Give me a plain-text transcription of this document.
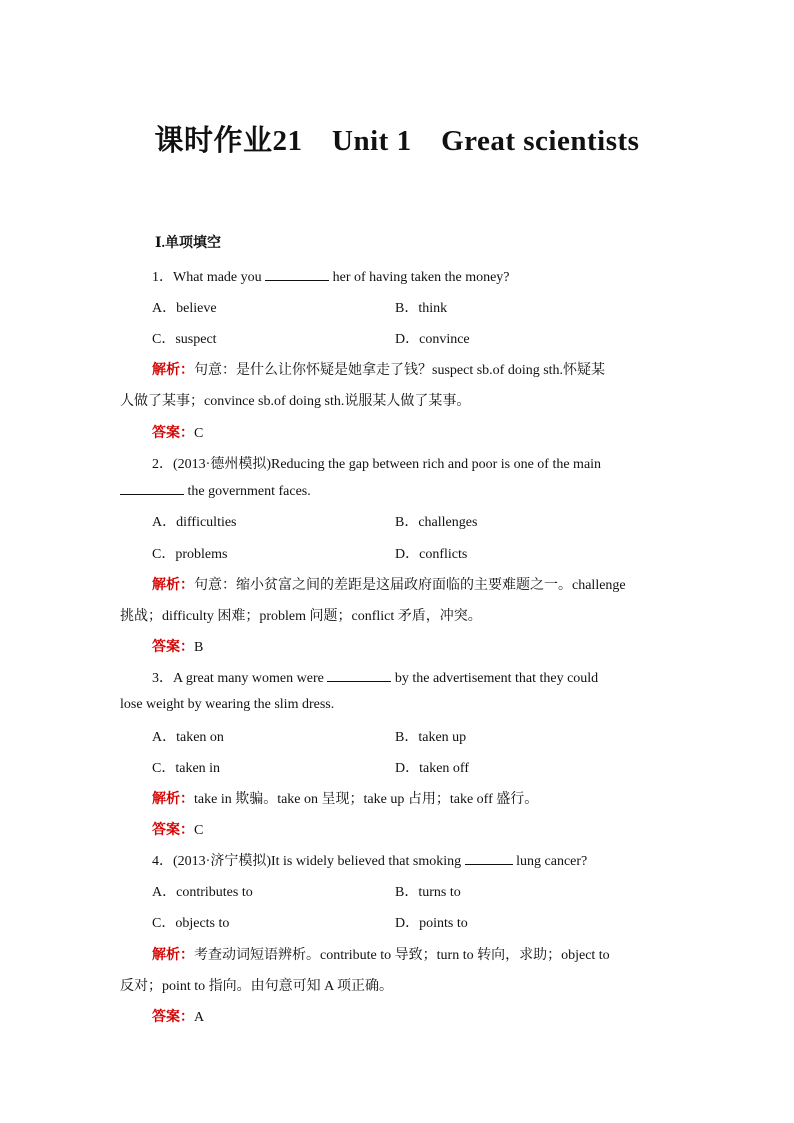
课时作业21　Unit 1　Great scientists
Ⅰ.单项填空
1．What made you	her of having taken the money?
A．believe	B．think
C．suspect	D．convince
解析：句意：是什么让你怀疑是她拿走了钱？suspect sb.of doing sth.怀疑某
人做了某事；convince sb.of doing sth.说服某人做了某事。
答案：C
2．(2013·德州模拟)Reducing the gap between rich and poor is one of the main
the government faces.
A．difficulties	B．challenges
C．problems	D．conflicts
解析：句意：缩小贫富之间的差距是这届政府面临的主要难题之一。challenge
挑战；difficulty 困难；problem 问题；conflict 矛盾，冲突。
答案：B
3．A great many women were	by the advertisement that they could
lose weight by wearing the slim dress.
A．taken on	B．taken up
C．taken in	D．taken off
解析：take in 欺骗。take on 呈现；take up 占用；take off 盛行。
答案：C
4．(2013·济宁模拟)It is widely believed that smoking	lung cancer?
A．contributes to	B．turns to
C．objects to	D．points to
解析：考查动词短语辨析。contribute to 导致；turn to 转向，求助；object to
反对；point to 指向。由句意可知 A 项正确。
答案：A
